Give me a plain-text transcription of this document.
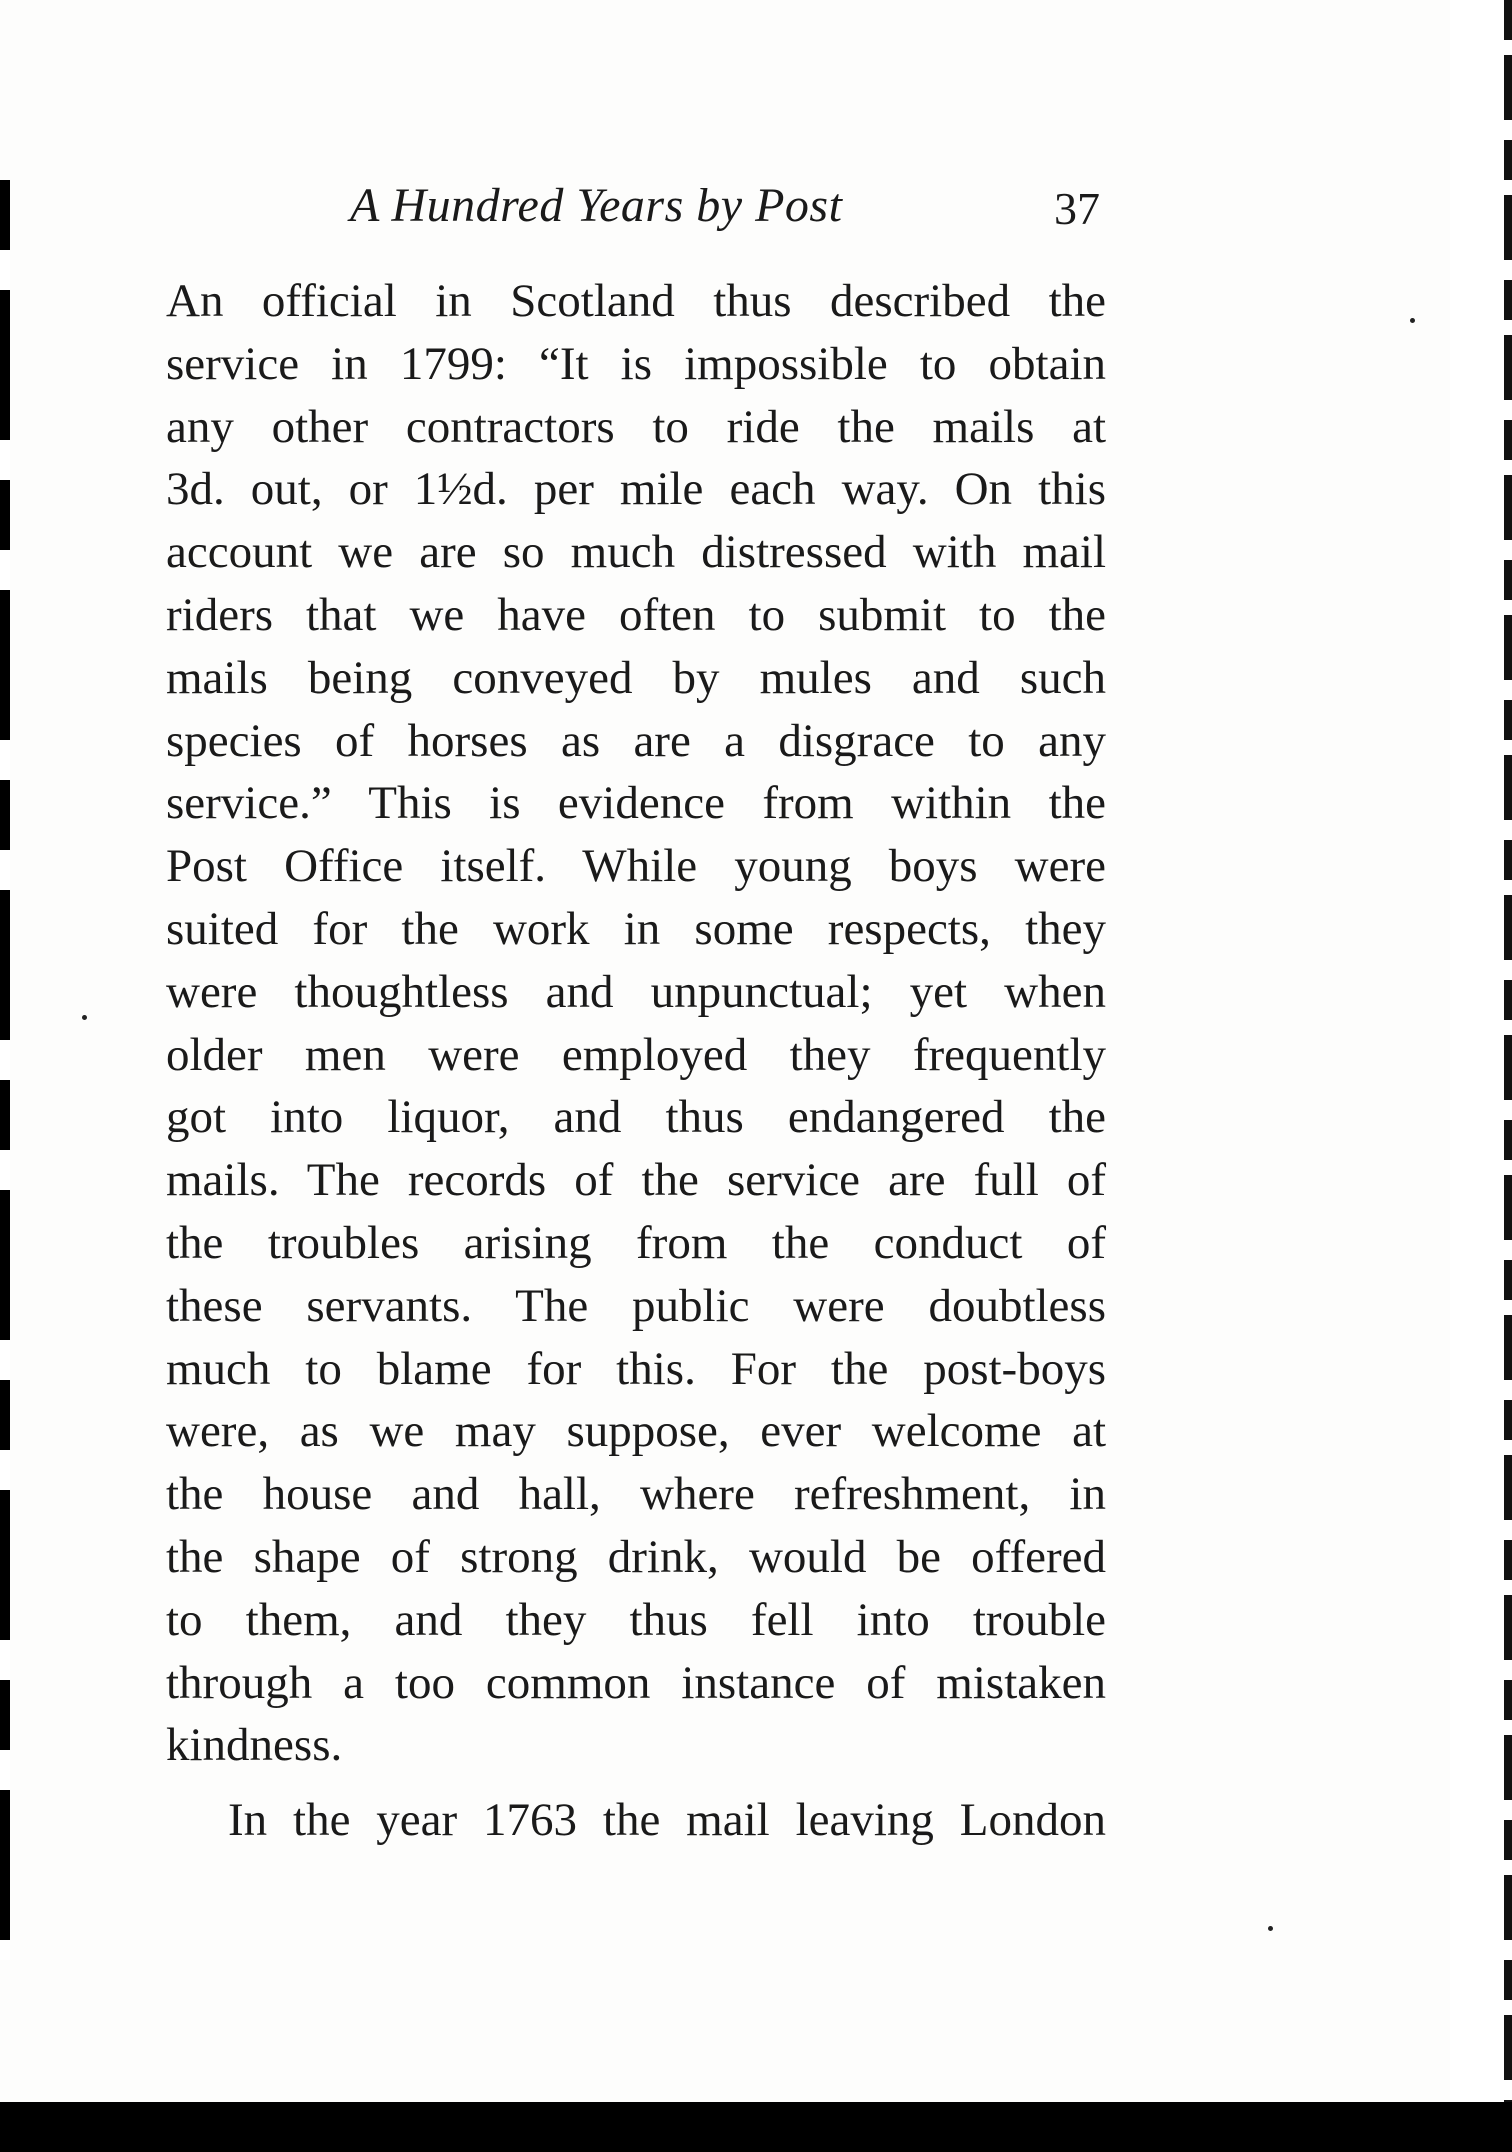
A Hundred Years by Post	37
An official in Scotland thus described the
service in 1799: “It is impossible to obtain
any other contractors to ride the mails at
3d. out, or 1½d. per mile each way. On this
account we are so much distressed with mail
riders that we have often to submit to the
mails being conveyed by mules and such
species of horses as are a disgrace to any
service.” This is evidence from within the
Post Office itself. While young boys were
suited for the work in some respects, they
were thoughtless and unpunctual; yet when
older men were employed they frequently
got into liquor, and thus endangered the
mails. The records of the service are full of
the troubles arising from the conduct of
these servants. The public were doubtless
much to blame for this. For the post-boys
were, as we may suppose, ever welcome at
the house and hall, where refreshment, in
the shape of strong drink, would be offered
to them, and they thus fell into trouble
through a too common instance of mistaken
kindness.
In the year 1763 the mail leaving London
